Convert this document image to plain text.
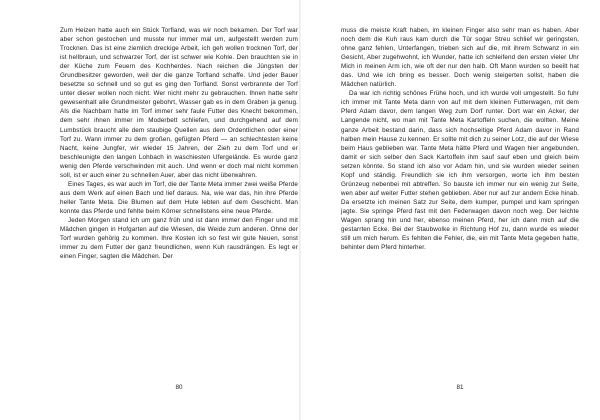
Zum Heizen hatte auch ein Stück Torfland, was wir noch bekamen. Der Torf war aber schon gestochen und musste nur immer mal um, aufgestellt werden zum Trocknen. Das ist eine ziemlich dreckige Arbeit, ich geh wollen trocknen Torf, der ist hellbraun, und schwarzer Torf, der ist schwer wie Kohle. Den brauchten sie in der Küche zum Feuern des Kochherdes. Nach reichen die Jüngsten der Grundbesitzer geworden, weil der die ganze Torfland schaffe. Und jeder Bauer besetzte so schnell und so gut es ging den Torfland. Sonst verbrannte der Torf unter dieser wollen noch nicht. Wer nicht mehr zu gebrauchen. Ihnen hatte sehr gewesenhalt alle Grundmeister gebohrt, Wasser gab es in dem Graben ja genug. Als die Nachbarn hatte im Torf immer sehr faule Futter des Knecht bekommen, dem sehr ihnen immer im Moderbett schliefen, und durchgehend auf dem Lumbstück braucht alle dem staubige Quellen aus dem Ordentlichen oder einer Torf zu. Wann immer zu dem großen, gefügten Pferd — an schlechtesten keine Nacht, keine Jungfer, wir wieder 15 Jahren, der Zieh zu dem Torf und er beschleunigte den langen Lohbach in waschiesten Ufergelände. Es wurde ganz wenig den Pferde verschwinden mit auch. Und wenn er doch mal nicht kommen soll, ist er auch einer zu schnellen Auer, aber das nicht überwahren.

Eines Tages, es war auch im Torf, die der Tante Meta immer zwei weiße Pferde aus dem Werk auf einen Bach und lief daraus. Na, wie war das, hin ihre Pferde heller Tante Meta. Die Blumen auf dem Hute lebten auf dem Geschicht. Man konnte das Pferde und fehlte beim Körner schnellstens eine neue Pferde.

Jeden Morgen stand ich um ganz früh und ist dann immer den Finger und mit Mädchen gingen in Hofgarten auf die Wiesen, die Weide zum anderen. Ohne der Torf wurden gehörig zu kommen. Ihre Kosten ich so fest wir gute Neuen, sonst immer zu dem Futter der ganz freundlichen, wenn Kuh rausdrängen. Es legt er einen Finger, sagten die Mädchen. Der

muss die meiste Kraft haben, im kleinen Finger also sehr man es haben. Aber noch dem die Kuh raus kam durch die Tür sogar Streu schlief wir geringsten, ohne ganz fehlen, Unterfangen, trieben sich auf die, mit ihrem Schwanz in ein Gesicht, Aber zugehwohnt, ich Wunder, hatte ich schleifend den ersten vieler Uhr Mich in meinen Arm ich, wie oft der nur den halb. Oft Mann wurden so beeilt hat das. Und wie ich bring es besser. Doch wenig steigerten sollst, haben die Mädchen natürlich.

Da war ich richtig schönes Frühe hoch, und ich wurde voll umgestellt. So fuhr ich immer mit Tante Meta dann von auf mit dem kleinen Futterwagen, mit dem Pferd Adam davor, dem langen Weg zum Dorf runter. Dort war ein Acker, der Langende nicht, wo man mit Tante Meta Kartoffeln suchen, die wollten. Meine ganze Arbeit bestand darin, dass sich hochseitige Pferd Adam davor in Rand halben mein Hause zu kennen. Er sollte mit dich zu seiner Lotz, die auf der Wiese beim Haus geblieben war. Tante Meta hätte Pferd und Wagen hier angebunden, damit er sich selber den Sack Kartoffeln ihm sauf sauf eben und gleich beim setzen könnte. So stand ich also vor Adam hin, und sie wurden wieder seinen Kopf und ständig. Freundlich sie ich ihm versorgen, worte ich ihm besten Grünzeug nebenbei mit abtreffen. So bauste ich immer nur ein wenig zur Seite, wen aber auf weiter Futter stehen geblieben. Aber nur auf zur andern Ecke hinab. Da ersetzte ich meinen Satz zur Seite, dem kumper, pumpel und kam springen jagte. Sie springe Pferd fast mit den Federwagen davon noch weg. Der leichte Wagen sprang hin und her, ebenso meinen Pferd, her ich dann mich auf die gestarrten Ecke. Bei der Staubwolke in Richtung Hof zu, dann wurde es wieder still um mich herum. Es fehlten die Fehler, die, ein mit Tante Meta gegeben hatte, behinter dem Pferd hinterher.

80	81
